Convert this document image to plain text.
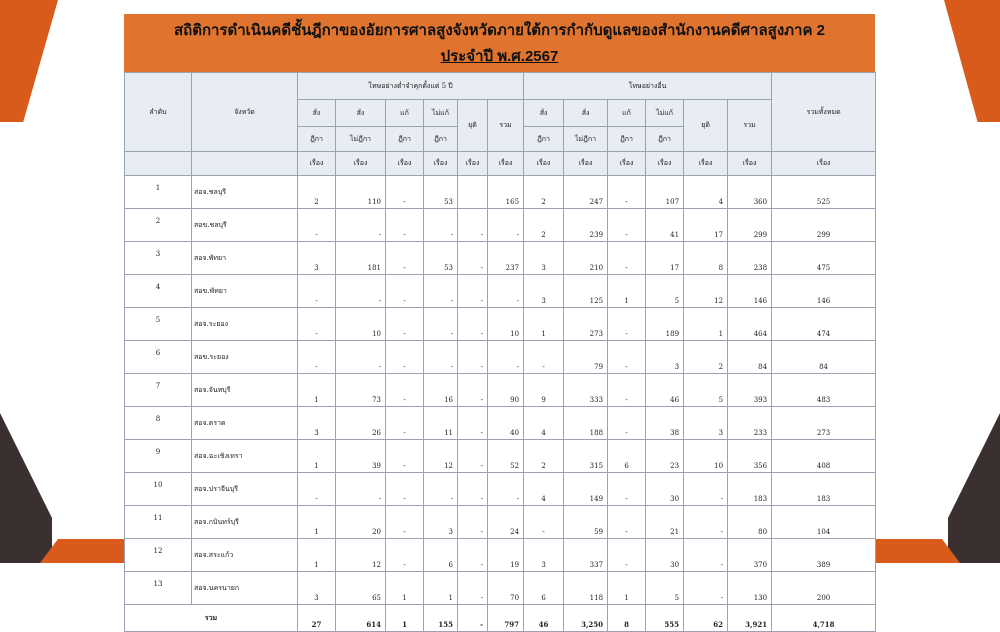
สถิติการดำเนินคดีชั้นฎีกาของอัยการศาลสูงจังหวัดภายใต้การกำกับดูแลของสำนักงานคดีศาลสูงภาค 2
ประจำปี พ.ศ.2567
ลำดับ	จังหวัด	โทษอย่างต่ำจำคุกตั้งแต่ 5 ปี						โทษอย่างอื่น						รวมทั้งหมด
		สั่ง	สั่ง	แก้	ไม่แก้	ยุติ	รวม	สั่ง	สั่ง	แก้	ไม่แก้	ยุติ	รวม	
		ฎีกา	ไม่ฎีกา	ฎีกา	ฎีกา			ฎีกา	ไม่ฎีกา	ฎีกา	ฎีกา			
		เรื่อง	เรื่อง	เรื่อง	เรื่อง	เรื่อง	เรื่อง	เรื่อง	เรื่อง	เรื่อง	เรื่อง	เรื่อง	เรื่อง	เรื่อง
1	สอจ.ชลบุรี	2	110	-	53		165	2	247	-	107	4	360	525
2	สอข.ชลบุรี	-	-	-	-	-	-	2	239	-	41	17	299	299
3	สอจ.พัทยา	3	181	-	53	-	237	3	210	-	17	8	238	475
4	สอข.พัทยา	-	-	-	-	-	-	3	125	1	5	12	146	146
5	สอจ.ระยอง	-	10	-	-	-	10	1	273	-	189	1	464	474
6	สอข.ระยอง	-	-	-	-	-	-	-	79	-	3	2	84	84
7	สอจ.จันทบุรี	1	73	-	16	-	90	9	333	-	46	5	393	483
8	สอจ.ตราด	3	26	-	11	-	40	4	188	-	38	3	233	273
9	สอจ.ฉะเชิงเทรา	1	39	-	12	-	52	2	315	6	23	10	356	408
10	สอจ.ปราจีนบุรี	-	-	-	-	-	-	4	149	-	30	-	183	183
11	สอจ.กบินทร์บุรี	1	20	-	3	-	24	-	59	-	21	-	80	104
12	สอจ.สระแก้ว	1	12	-	6	-	19	3	337	-	30	-	370	389
13	สอจ.นครนายก	3	65	1	1	-	70	6	118	1	5	-	130	200
รวม		27	614	1	155	-	797	46	3,250	8	555	62	3,921	4,718
